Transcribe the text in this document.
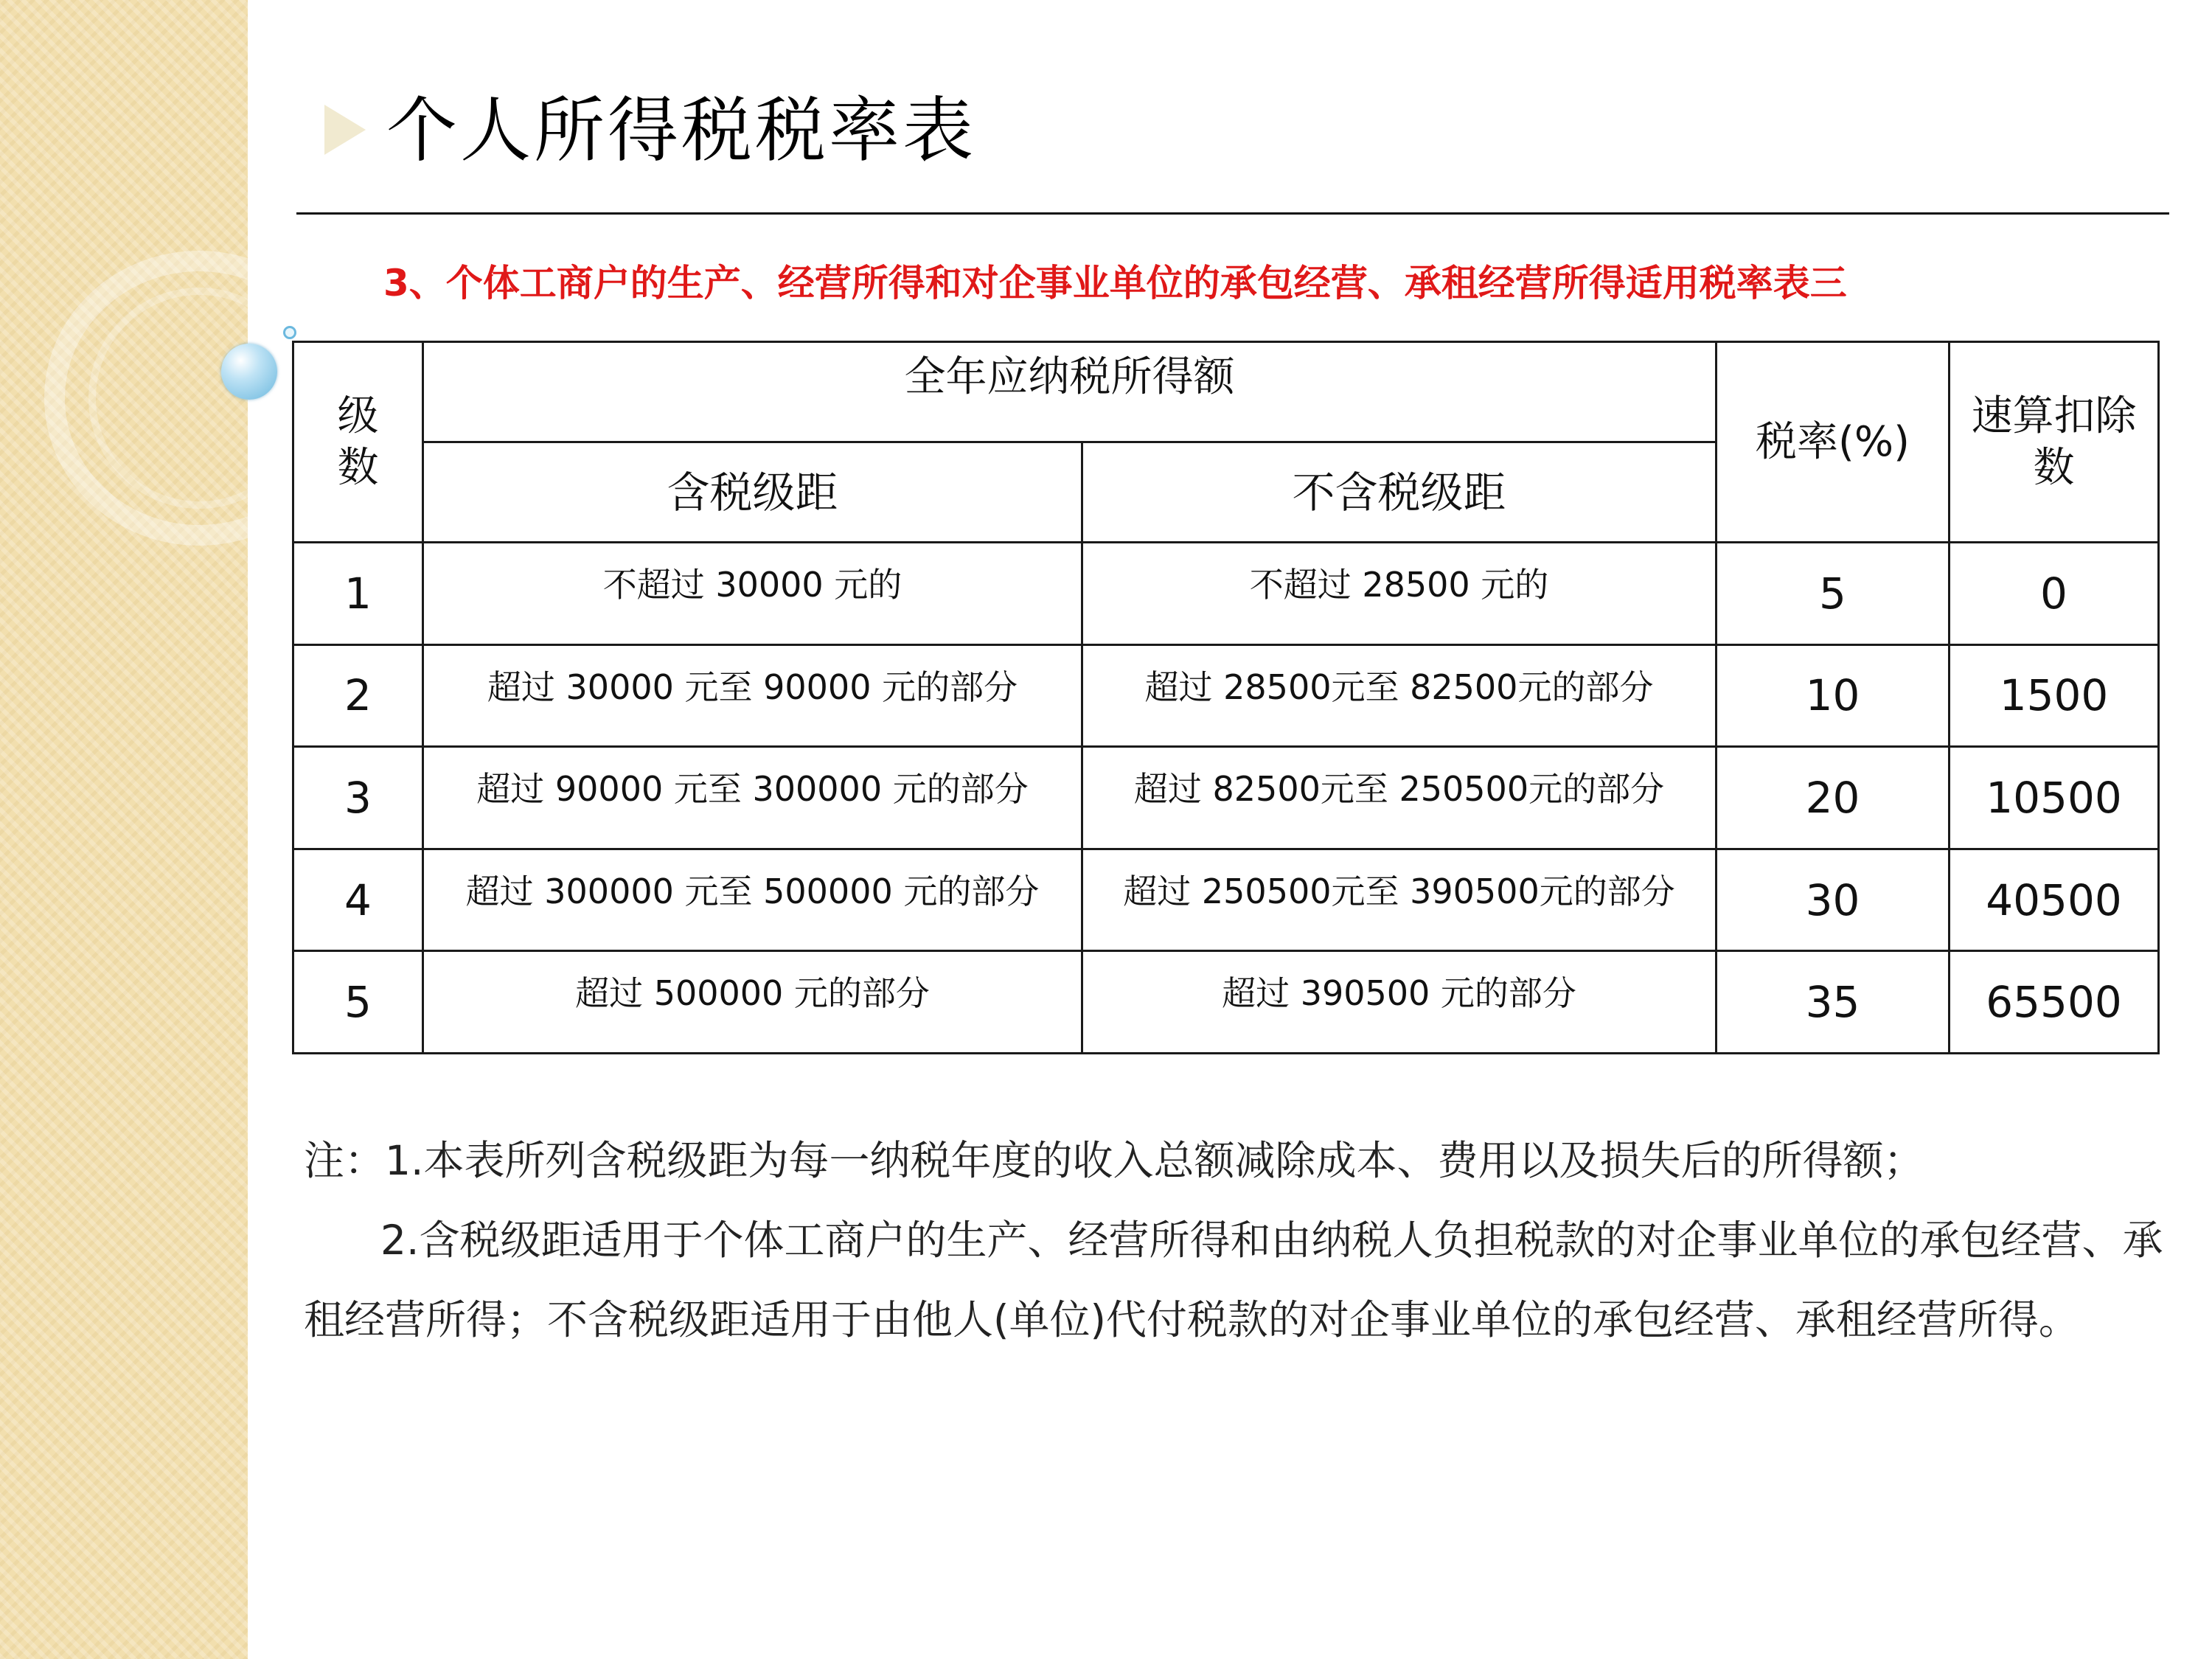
个人所得税税率表
3、个体工商户的生产、经营所得和对企事业单位的承包经营、承租经营所得适用税率表三
级数	全年应纳税所得额		税率(%)	速算扣除数

	含税级距	不含税级距		
1	不超过 30000 元的	不超过 28500 元的	5	0
2	超过 30000 元至 90000 元的部分	超过 28500元至 82500元的部分	10	1500
3	超过 90000 元至 300000 元的部分	超过 82500元至 250500元的部分	20	10500
4	超过 300000 元至 500000 元的部分	超过 250500元至 390500元的部分	30	40500
5	超过 500000 元的部分	超过 390500 元的部分	35	65500

注：1.本表所列含税级距为每一纳税年度的收入总额减除成本、费用以及损失后的所得额；

2.含税级距适用于个体工商户的生产、经营所得和由纳税人负担税款的对企事业单位的承包经营、承租经营所得；不含税级距适用于由他人(单位)代付税款的对企事业单位的承包经营、承租经营所得。
